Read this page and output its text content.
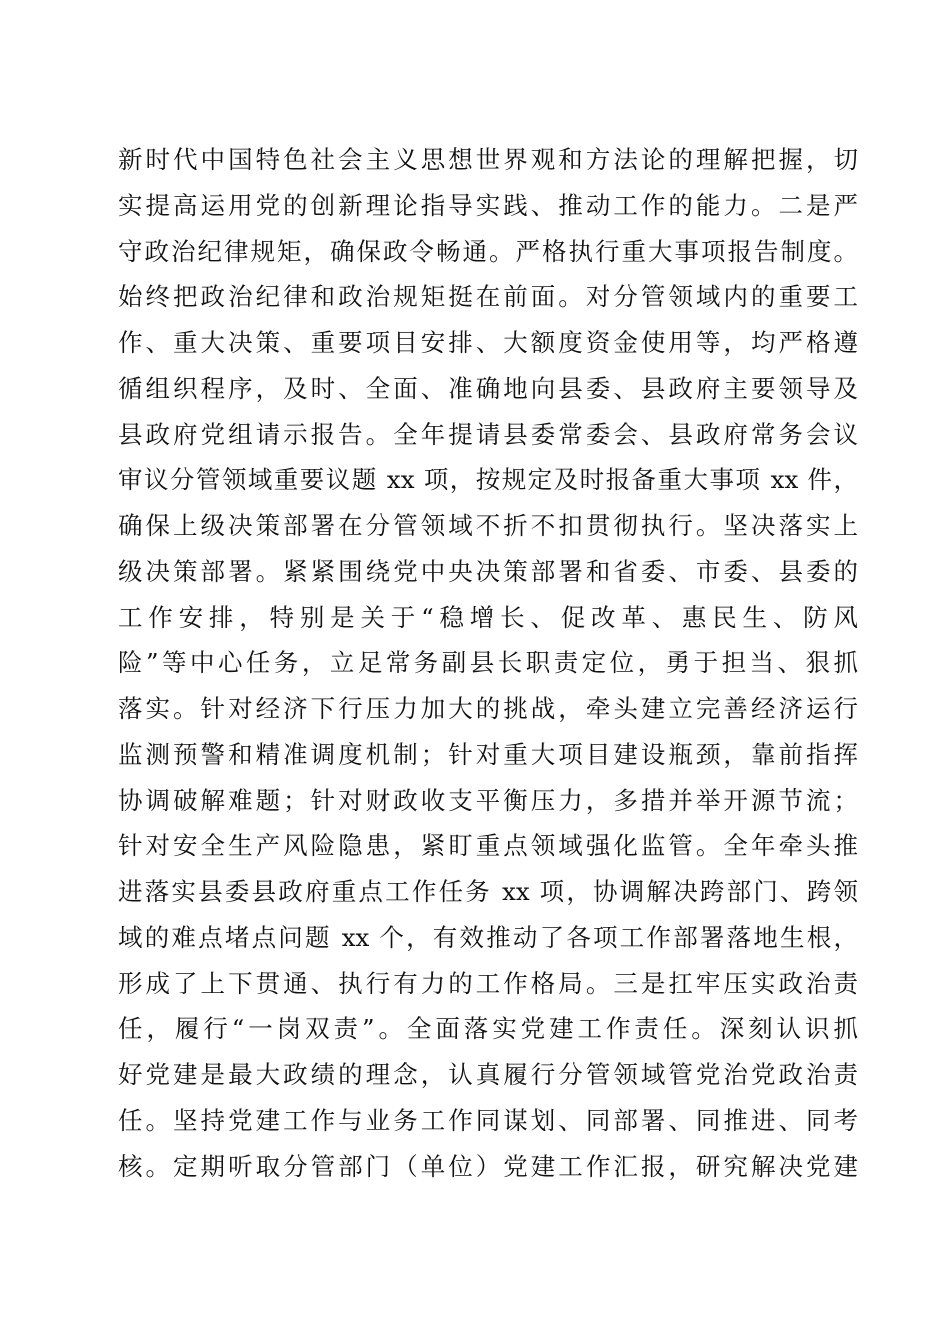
新时代中国特色社会主义思想世界观和方法论的理解把握，切
实提高运用党的创新理论指导实践、推动工作的能力。二是严
守政治纪律规矩，确保政令畅通。严格执行重大事项报告制度。
始终把政治纪律和政治规矩挺在前面。对分管领域内的重要工
作、重大决策、重要项目安排、大额度资金使用等，均严格遵
循组织程序，及时、全面、准确地向县委、县政府主要领导及
县政府党组请示报告。全年提请县委常委会、县政府常务会议
审议分管领域重要议题 xx 项，按规定及时报备重大事项 xx 件，
确保上级决策部署在分管领域不折不扣贯彻执行。坚决落实上
级决策部署。紧紧围绕党中央决策部署和省委、市委、县委的
工作安排，特别是关于“稳增长、促改革、惠民生、防风
险”等中心任务，立足常务副县长职责定位，勇于担当、狠抓
落实。针对经济下行压力加大的挑战，牵头建立完善经济运行
监测预警和精准调度机制；针对重大项目建设瓶颈，靠前指挥
协调破解难题；针对财政收支平衡压力，多措并举开源节流；
针对安全生产风险隐患，紧盯重点领域强化监管。全年牵头推
进落实县委县政府重点工作任务 xx 项，协调解决跨部门、跨领
域的难点堵点问题 xx 个，有效推动了各项工作部署落地生根，
形成了上下贯通、执行有力的工作格局。三是扛牢压实政治责
任，履行“一岗双责”。全面落实党建工作责任。深刻认识抓
好党建是最大政绩的理念，认真履行分管领域管党治党政治责
任。坚持党建工作与业务工作同谋划、同部署、同推进、同考
核。定期听取分管部门（单位）党建工作汇报，研究解决党建
